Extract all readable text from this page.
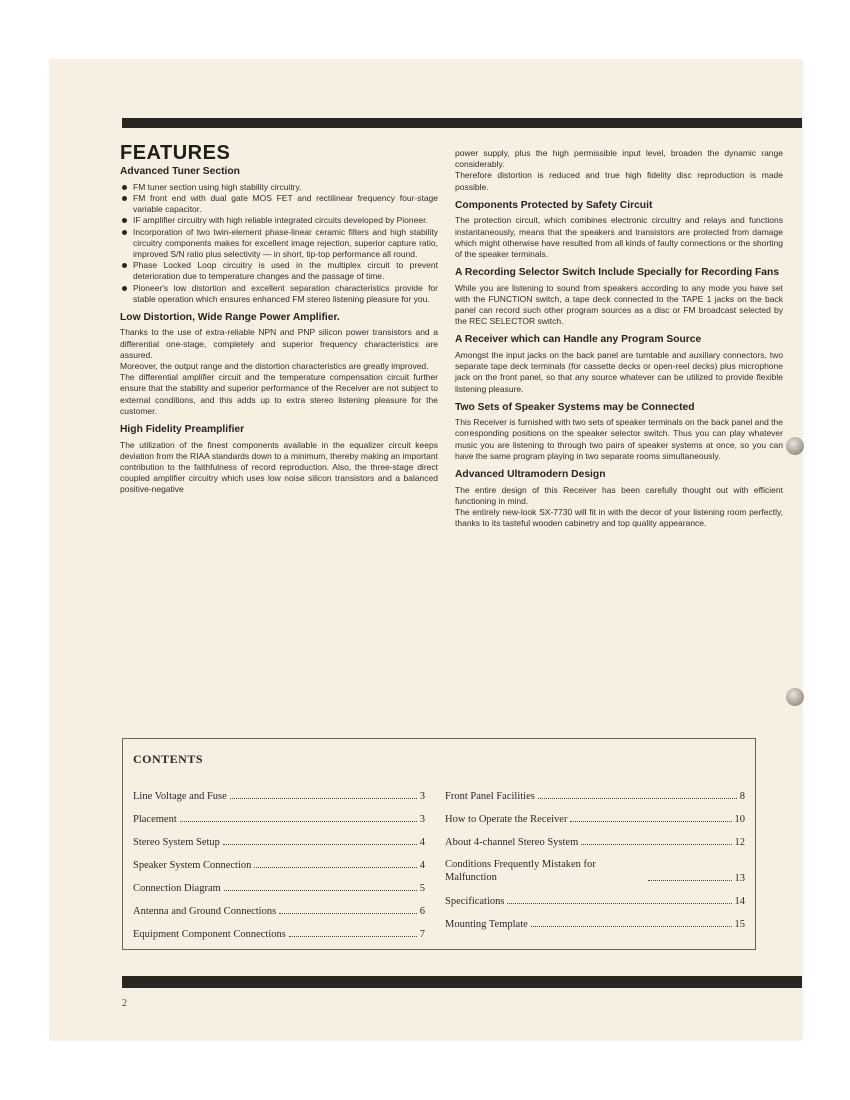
FEATURES
Advanced Tuner Section
FM tuner section using high stability circuitry.
FM front end with dual gate MOS FET and rectilinear frequency four-stage variable capacitor.
IF amplifier circuitry with high reliable integrated circuits developed by Pioneer.
Incorporation of two twin-element phase-linear ceramic filters and high stability circuitry components makes for excellent image rejection, superior capture ratio, improved S/N ratio plus selectivity — in short, tip-top performance all round.
Phase Locked Loop circuitry is used in the multiplex circuit to prevent deterioration due to temperature changes and the passage of time.
Pioneer's low distortion and excellent separation characteristics provide for stable operation which ensures enhanced FM stereo listening pleasure for you.
Low Distortion, Wide Range Power Amplifier.

Thanks to the use of extra-reliable NPN and PNP silicon power transistors and a differential one-stage, completely and superior frequency characteristics are assured.

Moreover, the output range and the distortion characteristics are greatly improved.

The differential amplifier circuit and the temperature compensation circuit further ensure that the stability and superior performance of the Receiver are not subject to external conditions, and this adds up to extra stereo listening pleasure for the customer.

High Fidelity Preamplifier

The utilization of the finest components available in the equalizer circuit keeps deviation from the RIAA standards down to a minimum, thereby making an important contribution to the faithfulness of record reproduction. Also, the three-stage direct coupled amplifier circuitry which uses low noise silicon transistors and a balanced positive-negative

power supply, plus the high permissible input level, broaden the dynamic range considerably.

Therefore distortion is reduced and true high fidelity disc reproduction is made possible.

Components Protected by Safety Circuit

The protection circuit, which combines electronic circuitry and relays and functions instantaneously, means that the speakers and transistors are protected from damage which might otherwise have resulted from all kinds of faulty connections or the shorting of the speaker terminals.

A Recording Selector Switch Include Specially for Recording Fans

While you are listening to sound from speakers according to any mode you have set with the FUNCTION switch, a tape deck connected to the TAPE 1 jacks on the back panel can record such other program sources as a disc or FM broadcast selected by the REC SELECTOR switch.

A Receiver which can Handle any Program Source

Amongst the input jacks on the back panel are turntable and auxiliary connectors, two separate tape deck terminals (for cassette decks or open-reel decks) plus microphone jack on the front panel, so that any source whatever can be utilized to provide flexible listening pleasure.

Two Sets of Speaker Systems may be Connected

This Receiver is furnished with two sets of speaker terminals on the back panel and the corresponding positions on the speaker selector switch. Thus you can play whatever music you are listening to through two pairs of speaker systems at once, so you can have the same program playing in two separate rooms simultaneously.

Advanced Ultramodern Design

The entire design of this Receiver has been carefully thought out with efficient functioning in mind.

The entirely new-look SX-7730 will fit in with the decor of your listening room perfectly, thanks to its tasteful wooden cabinetry and top quality appearance.

CONTENTS
Line Voltage and Fuse	3
Placement	3
Stereo System Setup	4
Speaker System Connection	4
Connection Diagram	5
Antenna and Ground Connections	6
Equipment Component Connections	7
Front Panel Facilities	8
How to Operate the Receiver	10
About 4-channel Stereo System	12
Conditions Frequently Mistaken for Malfunction	13
Specifications	14
Mounting Template	15
2
